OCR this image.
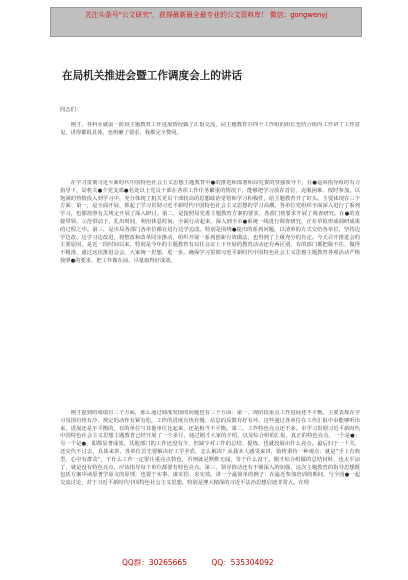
关注头条号"公文研究"，获得最新最全最专业的公文资料库！ 微信：gongwenyj
在局机关推进会暨工作调度会上的讲话
同志们：
刚才，各科室就前一阶段主题教育工作进展情况做了汇报交流，局主题教育办四个工作组的组长也结合组内工作讲了工作意见，讲得都很具体，也明确了要求，我都完全赞同。
在学习贯彻习近平新时代中国特色社会主义思想主题教育中●的推进和部署和局党委的坚强领导下，在●巡回指导组的有力指导下，局机关●个党支部●名处以上党员干部在各项工作任务繁重的情况下，能够把学习放在首位，克服困难、按时参加，以饱满的热情投入到学习中，充分体现了机关党员干部较高的思想政治觉悟和学习积极性，给主题教育开了好头。主要体现在三个方面：第一，是全面开展、抓起了学习贯彻习近平新时代中国特色社会主义思想的学习高潮。各单位党组织全面深入进行了系列学习，也都按照有关规定开展了深入研讨。第二，是按照局党委主题教育方案的要求，各部门按要求开展了调查研究。在●的直接带领、示范带动下，扎出时间，利用休息时间，全面行动起来，深入到全市●系统一线进行调查研究，正在草拟形成调研成果的过程之中。第三，是市局各部门各单位都在进行边学边改。特别是围绕●提出的系列问题，以清单的方式交给各单位，坚持边学边改、边学习边改进，将整改和改革同步推动，组织开展一系列创新有效做法，也得到了上级充分的肯定。今天召开推进会的主要原因，是近一段时间以来，特别是今年的主题教育有以往会议上下开展的教育活动还有两区别，有的部门都把握不住、做得不精准，通过这次推进会会，大家统一思想，进一步。确保学习贯彻习近平新时代中国特色社会主义思想主题教育各项活动严格按照●的要求，把工作做在前，尽量取得好成效。
刚才提到的成绩有三个方面，那么通过调度发现的问题也有三个方面：第一，现阶段重点工作进展还不平衡。主要表现在学习氛围有热有冷、规定的动作有紧有松，工作的进度有快有慢，信息的反馈有好有坏，这些通过各单位在工作汇报中由能够听出来，进展还是不平衡的，有的单位与其他单位比起来，还是相当不平衡。第二，工作特色亮点还不多。市学习贯彻习近平新时代中国特色社会主义思想主题教育已经开展了一个多月，通过刚才大家的介绍，以及综合组的汇报，真正的特色亮点，一个是●；另一个是●，即都显著成效，其他部门的工作还没有少，但缺少对工作的总结、提炼，也就没展出什么亮点。最后归于一十关，还交代不过去，具体来讲，各单位首先要解决好工学矛盾，怎么解决？从我本人感受来讲，始终秉持一种观点：就是“手上有典型，心中有群众”，干什么工作一定要注重亮点特色，否则就是默默无闻，等于什么没干。刚才综合组做的总结材料，也太平凉了，就是没有特色亮点，应该指导每个单位都要有特色亮点。第三，领导推动还有不够深入的加强，这次主题教育的指导思想既包括方案中读原著学原文的原理，也要干实事、谋实招、求实效。讲一个最简单的例子：在最近参加培训的期间，与全国●一起交流讨论，对于习近平新时代中国特色社会主义思想，特别是博大精深的习近平法治思想启迪非常大。在理
QQ群：30265665	QQ：535304092
